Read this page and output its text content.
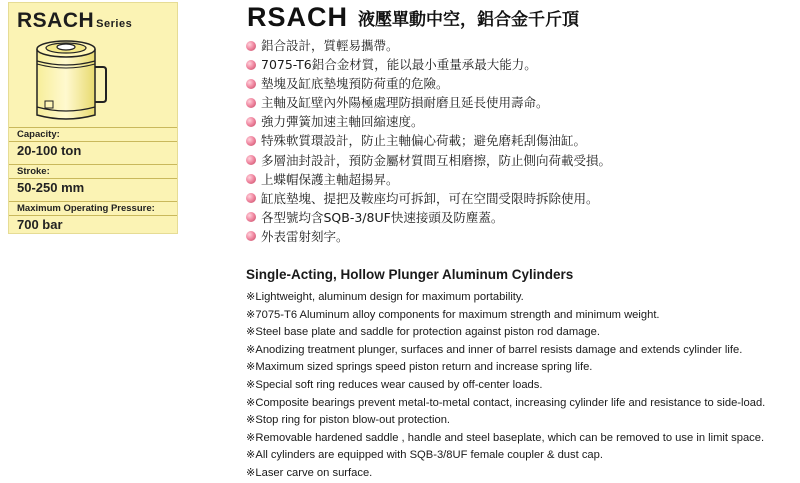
RSACH Series
Capacity:
20-100 ton
Stroke:
50-250 mm
Maximum Operating Pressure:
700 bar
RSACH 液壓單動中空，鋁合金千斤頂
鋁合設計，質輕易攜帶。
7075-T6鋁合金材質，能以最小重量承最大能力。
墊塊及缸底墊塊預防荷重的危險。
主軸及缸壁內外陽極處理防損耐磨且延長使用壽命。
強力彈簧加速主軸回縮速度。
特殊軟質環設計，防止主軸偏心荷載；避免磨耗刮傷油缸。
多層油封設計，預防金屬材質間互相磨擦，防止側向荷載受損。
上蝶帽保護主軸超揚昇。
缸底墊塊、提把及鞍座均可拆卸，可在空間受限時拆除使用。
各型號均含SQB-3/8UF快速接頭及防塵蓋。
外表雷射刻字。
Single-Acting, Hollow Plunger Aluminum Cylinders
※Lightweight, aluminum design for maximum portability.
※7075-T6 Aluminum alloy components for maximum strength and minimum weight.
※Steel base plate and saddle for protection against piston rod damage.
※Anodizing treatment plunger, surfaces and inner of barrel resists damage and extends cylinder life.
※Maximum sized springs speed piston return and increase spring life.
※Special soft ring reduces wear caused by off-center loads.
※Composite bearings prevent metal-to-metal contact, increasing cylinder life and resistance to side-load.
※Stop ring for piston blow-out protection.
※Removable hardened saddle , handle and steel baseplate, which can be removed to use in limit space.
※All cylinders are equipped with SQB-3/8UF female coupler & dust cap.
※Laser carve on surface.
